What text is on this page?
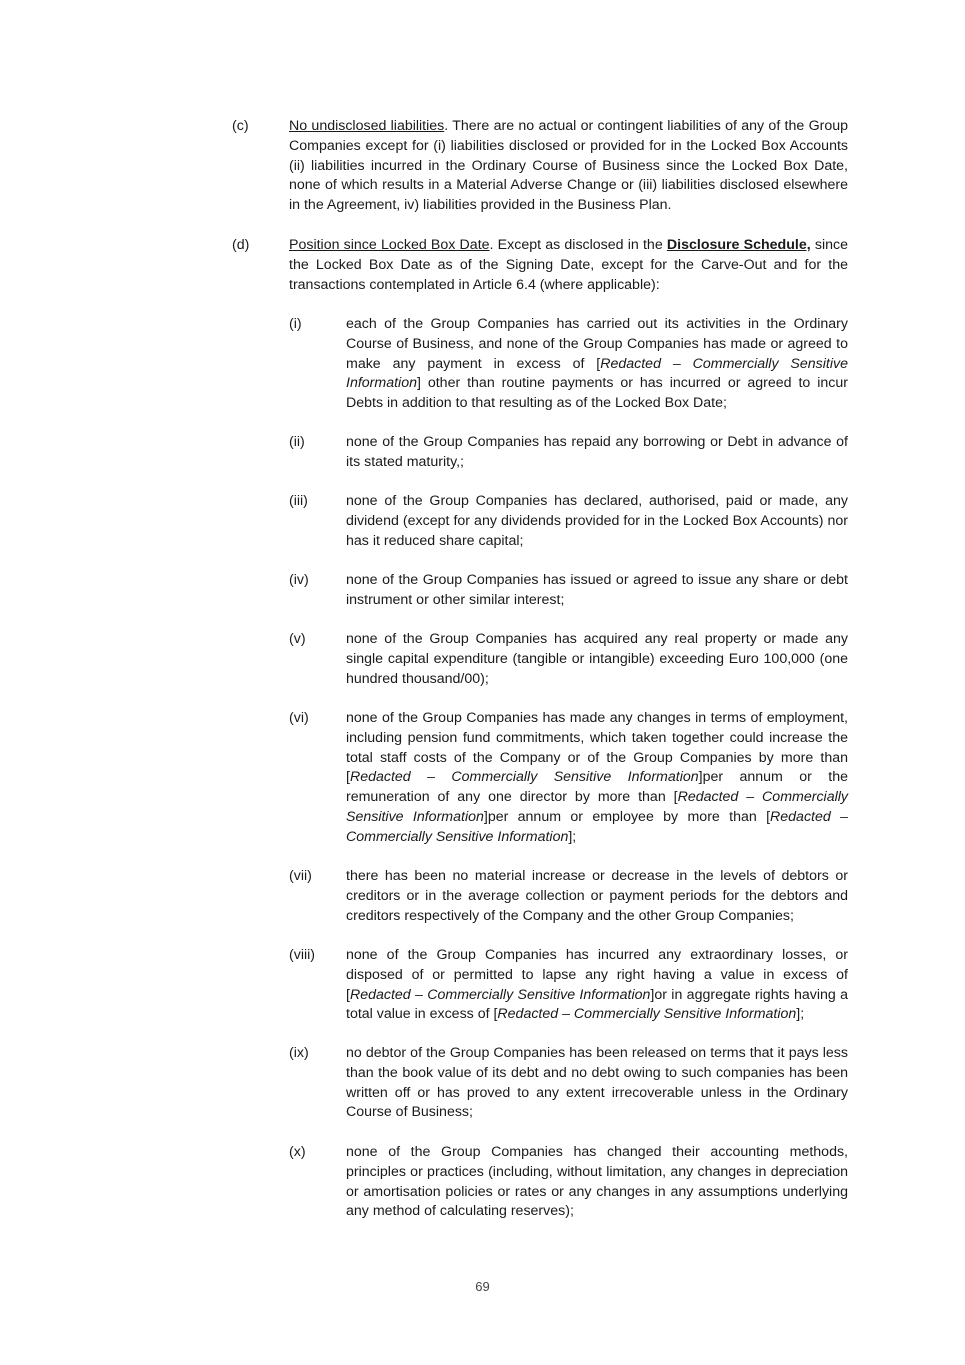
(c)	No undisclosed liabilities. There are no actual or contingent liabilities of any of the Group Companies except for (i) liabilities disclosed or provided for in the Locked Box Accounts (ii) liabilities incurred in the Ordinary Course of Business since the Locked Box Date, none of which results in a Material Adverse Change or (iii) liabilities disclosed elsewhere in the Agreement, iv) liabilities provided in the Business Plan.
(d)	Position since Locked Box Date. Except as disclosed in the Disclosure Schedule, since the Locked Box Date as of the Signing Date, except for the Carve-Out and for the transactions contemplated in Article 6.4 (where applicable):
(i)	each of the Group Companies has carried out its activities in the Ordinary Course of Business, and none of the Group Companies has made or agreed to make any payment in excess of [Redacted – Commercially Sensitive Information] other than routine payments or has incurred or agreed to incur Debts in addition to that resulting as of the Locked Box Date;
(ii)	none of the Group Companies has repaid any borrowing or Debt in advance of its stated maturity,;
(iii)	none of the Group Companies has declared, authorised, paid or made, any dividend (except for any dividends provided for in the Locked Box Accounts) nor has it reduced share capital;
(iv)	none of the Group Companies has issued or agreed to issue any share or debt instrument or other similar interest;
(v)	none of the Group Companies has acquired any real property or made any single capital expenditure (tangible or intangible) exceeding Euro 100,000 (one hundred thousand/00);
(vi)	none of the Group Companies has made any changes in terms of employment, including pension fund commitments, which taken together could increase the total staff costs of the Company or of the Group Companies by more than [Redacted – Commercially Sensitive Information]per annum or the remuneration of any one director by more than [Redacted – Commercially Sensitive Information]per annum or employee by more than [Redacted – Commercially Sensitive Information];
(vii) there has been no material increase or decrease in the levels of debtors or creditors or in the average collection or payment periods for the debtors and creditors respectively of the Company and the other Group Companies;
(viii) none of the Group Companies has incurred any extraordinary losses, or disposed of or permitted to lapse any right having a value in excess of [Redacted – Commercially Sensitive Information]or in aggregate rights having a total value in excess of [Redacted – Commercially Sensitive Information];
(ix)	no debtor of the Group Companies has been released on terms that it pays less than the book value of its debt and no debt owing to such companies has been written off or has proved to any extent irrecoverable unless in the Ordinary Course of Business;
(x)	none of the Group Companies has changed their accounting methods, principles or practices (including, without limitation, any changes in depreciation or amortisation policies or rates or any changes in any assumptions underlying any method of calculating reserves);
69
